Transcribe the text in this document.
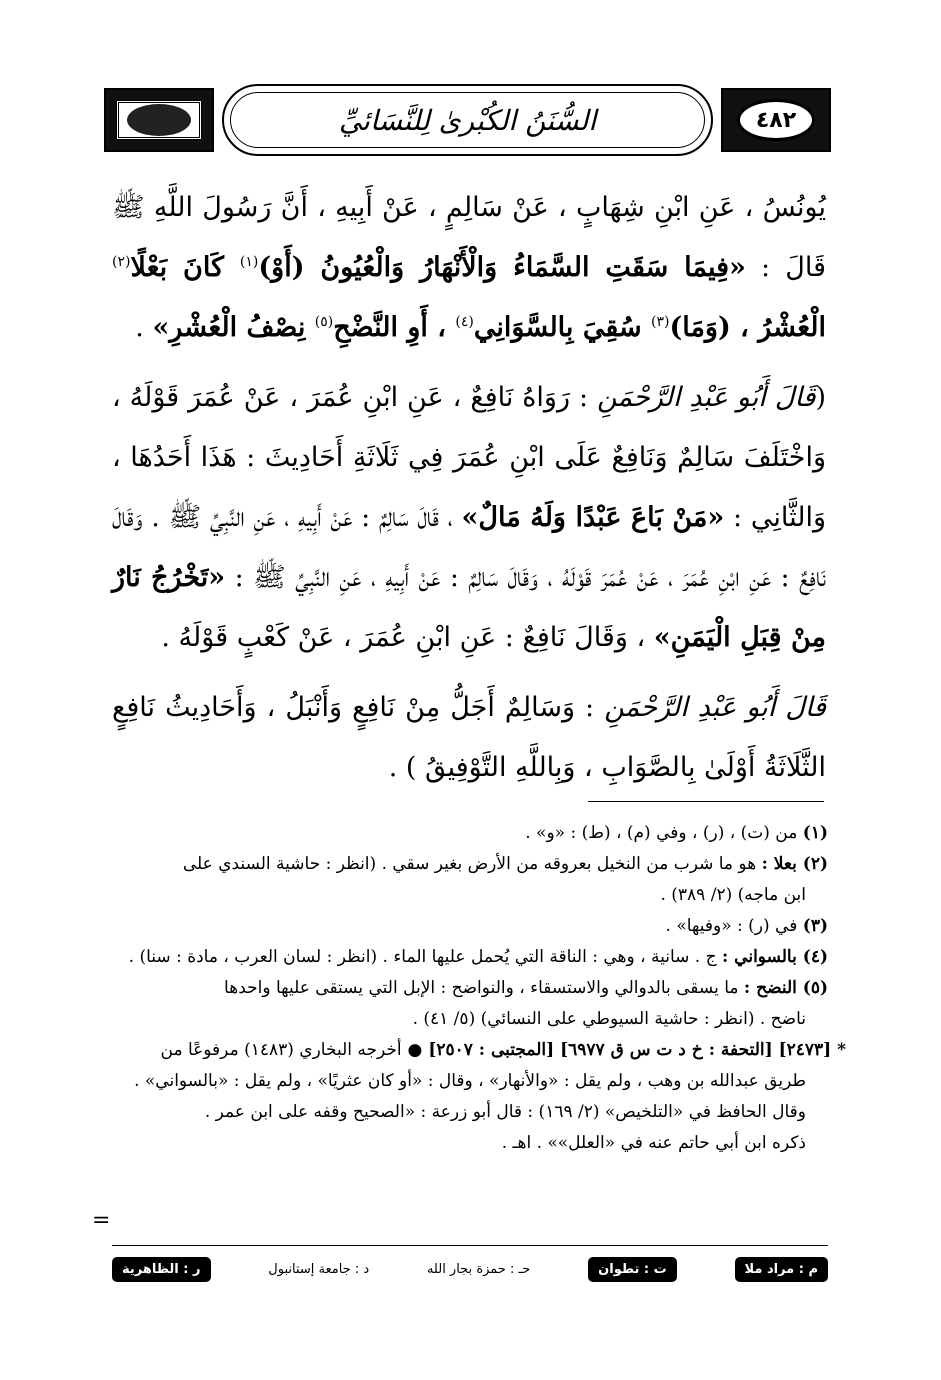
٤٨٢
السُّنَنُ الكُبْرىٰ لِلنَّسَائيِّ

يُونُسُ ، عَنِ ابْنِ شِهَابٍ ، عَنْ سَالِمٍ ، عَنْ أَبِيهِ ، أَنَّ رَسُولَ اللَّهِ ﷺ قَالَ : «فِيمَا سَقَتِ السَّمَاءُ وَالْأَنْهَارُ وَالْعُيُونُ (أَوْ)$^{(١)}$ كَانَ بَعْلًا$^{(٢)}$ الْعُشْرُ ، (وَمَا)$^{(٣)}$ سُقِيَ بِالسَّوَانِي$^{(٤)}$ ، أَوِ النَّضْحِ$^{(٥)}$ نِصْفُ الْعُشْرِ» .

(قَالَ أَبُو عَبْدِ الرَّحْمَنِ : رَوَاهُ نَافِعٌ ، عَنِ ابْنِ عُمَرَ ، عَنْ عُمَرَ قَوْلَهُ ، وَاخْتَلَفَ سَالِمٌ وَنَافِعٌ عَلَى ابْنِ عُمَرَ فِي ثَلَاثَةِ أَحَادِيثَ : هَذَا أَحَدُهَا ، وَالثَّانِي : «مَنْ بَاعَ عَبْدًا وَلَهُ مَالٌ» ، قَالَ سَالِمٌ : عَنْ أَبِيهِ ، عَنِ النَّبِيِّ ﷺ . وَقَالَ نَافِعٌ : عَنِ ابْنِ عُمَرَ ، عَنْ عُمَرَ قَوْلَهُ ، وَقَالَ سَالِمٌ : عَنْ أَبِيهِ ، عَنِ النَّبِيِّ ﷺ : «تَخْرُجُ نَارٌ مِنْ قِبَلِ الْيَمَنِ» ، وَقَالَ نَافِعٌ : عَنِ ابْنِ عُمَرَ ، عَنْ كَعْبٍ قَوْلَهُ .

قَالَ أَبُو عَبْدِ الرَّحْمَنِ : وَسَالِمٌ أَجَلُّ مِنْ نَافِعٍ وَأَنْبَلُ ، وَأَحَادِيثُ نَافِعٍ الثَّلَاثَةُ أَوْلَىٰ بِالصَّوَابِ ، وَبِاللَّهِ التَّوْفِيقُ ) .

(١) من (ت) ، (ر) ، وفي (م) ، (ط) : «و» .

(٢) بعلا : هو ما شرب من النخيل بعروقه من الأرض بغير سقي . (انظر : حاشية السندي على

ابن ماجه) (٢/ ٣٨٩) .

(٣) في (ر) : «وفيها» .

(٤) بالسواني : ج . سانية ، وهي : الناقة التي يُحمل عليها الماء . (انظر : لسان العرب ، مادة : سنا) .

(٥) النضح : ما يسقى بالدوالي والاستسقاء ، والنواضح : الإبل التي يستقى عليها واحدها

ناضح . (انظر : حاشية السيوطي على النسائي) (٥/ ٤١) .

* [٢٤٧٣] [التحفة : خ د ت س ق ٦٩٧٧] [المجتبى : ٢٥٠٧] ● أخرجه البخاري (١٤٨٣) مرفوعًا من

طريق عبدالله بن وهب ، ولم يقل : «والأنهار» ، وقال : «أو كان عثريًا» ، ولم يقل : «بالسواني» .

وقال الحافظ في «التلخيص» (٢/ ١٦٩) : قال أبو زرعة : «الصحيح وقفه على ابن عمر .

ذكره ابن أبي حاتم عنه في «العلل»» . اهـ .

=
م : مراد ملا
ت : تطوان
حـ : حمزة بجار الله
د : جامعة إستانبول
ر : الظاهرية
